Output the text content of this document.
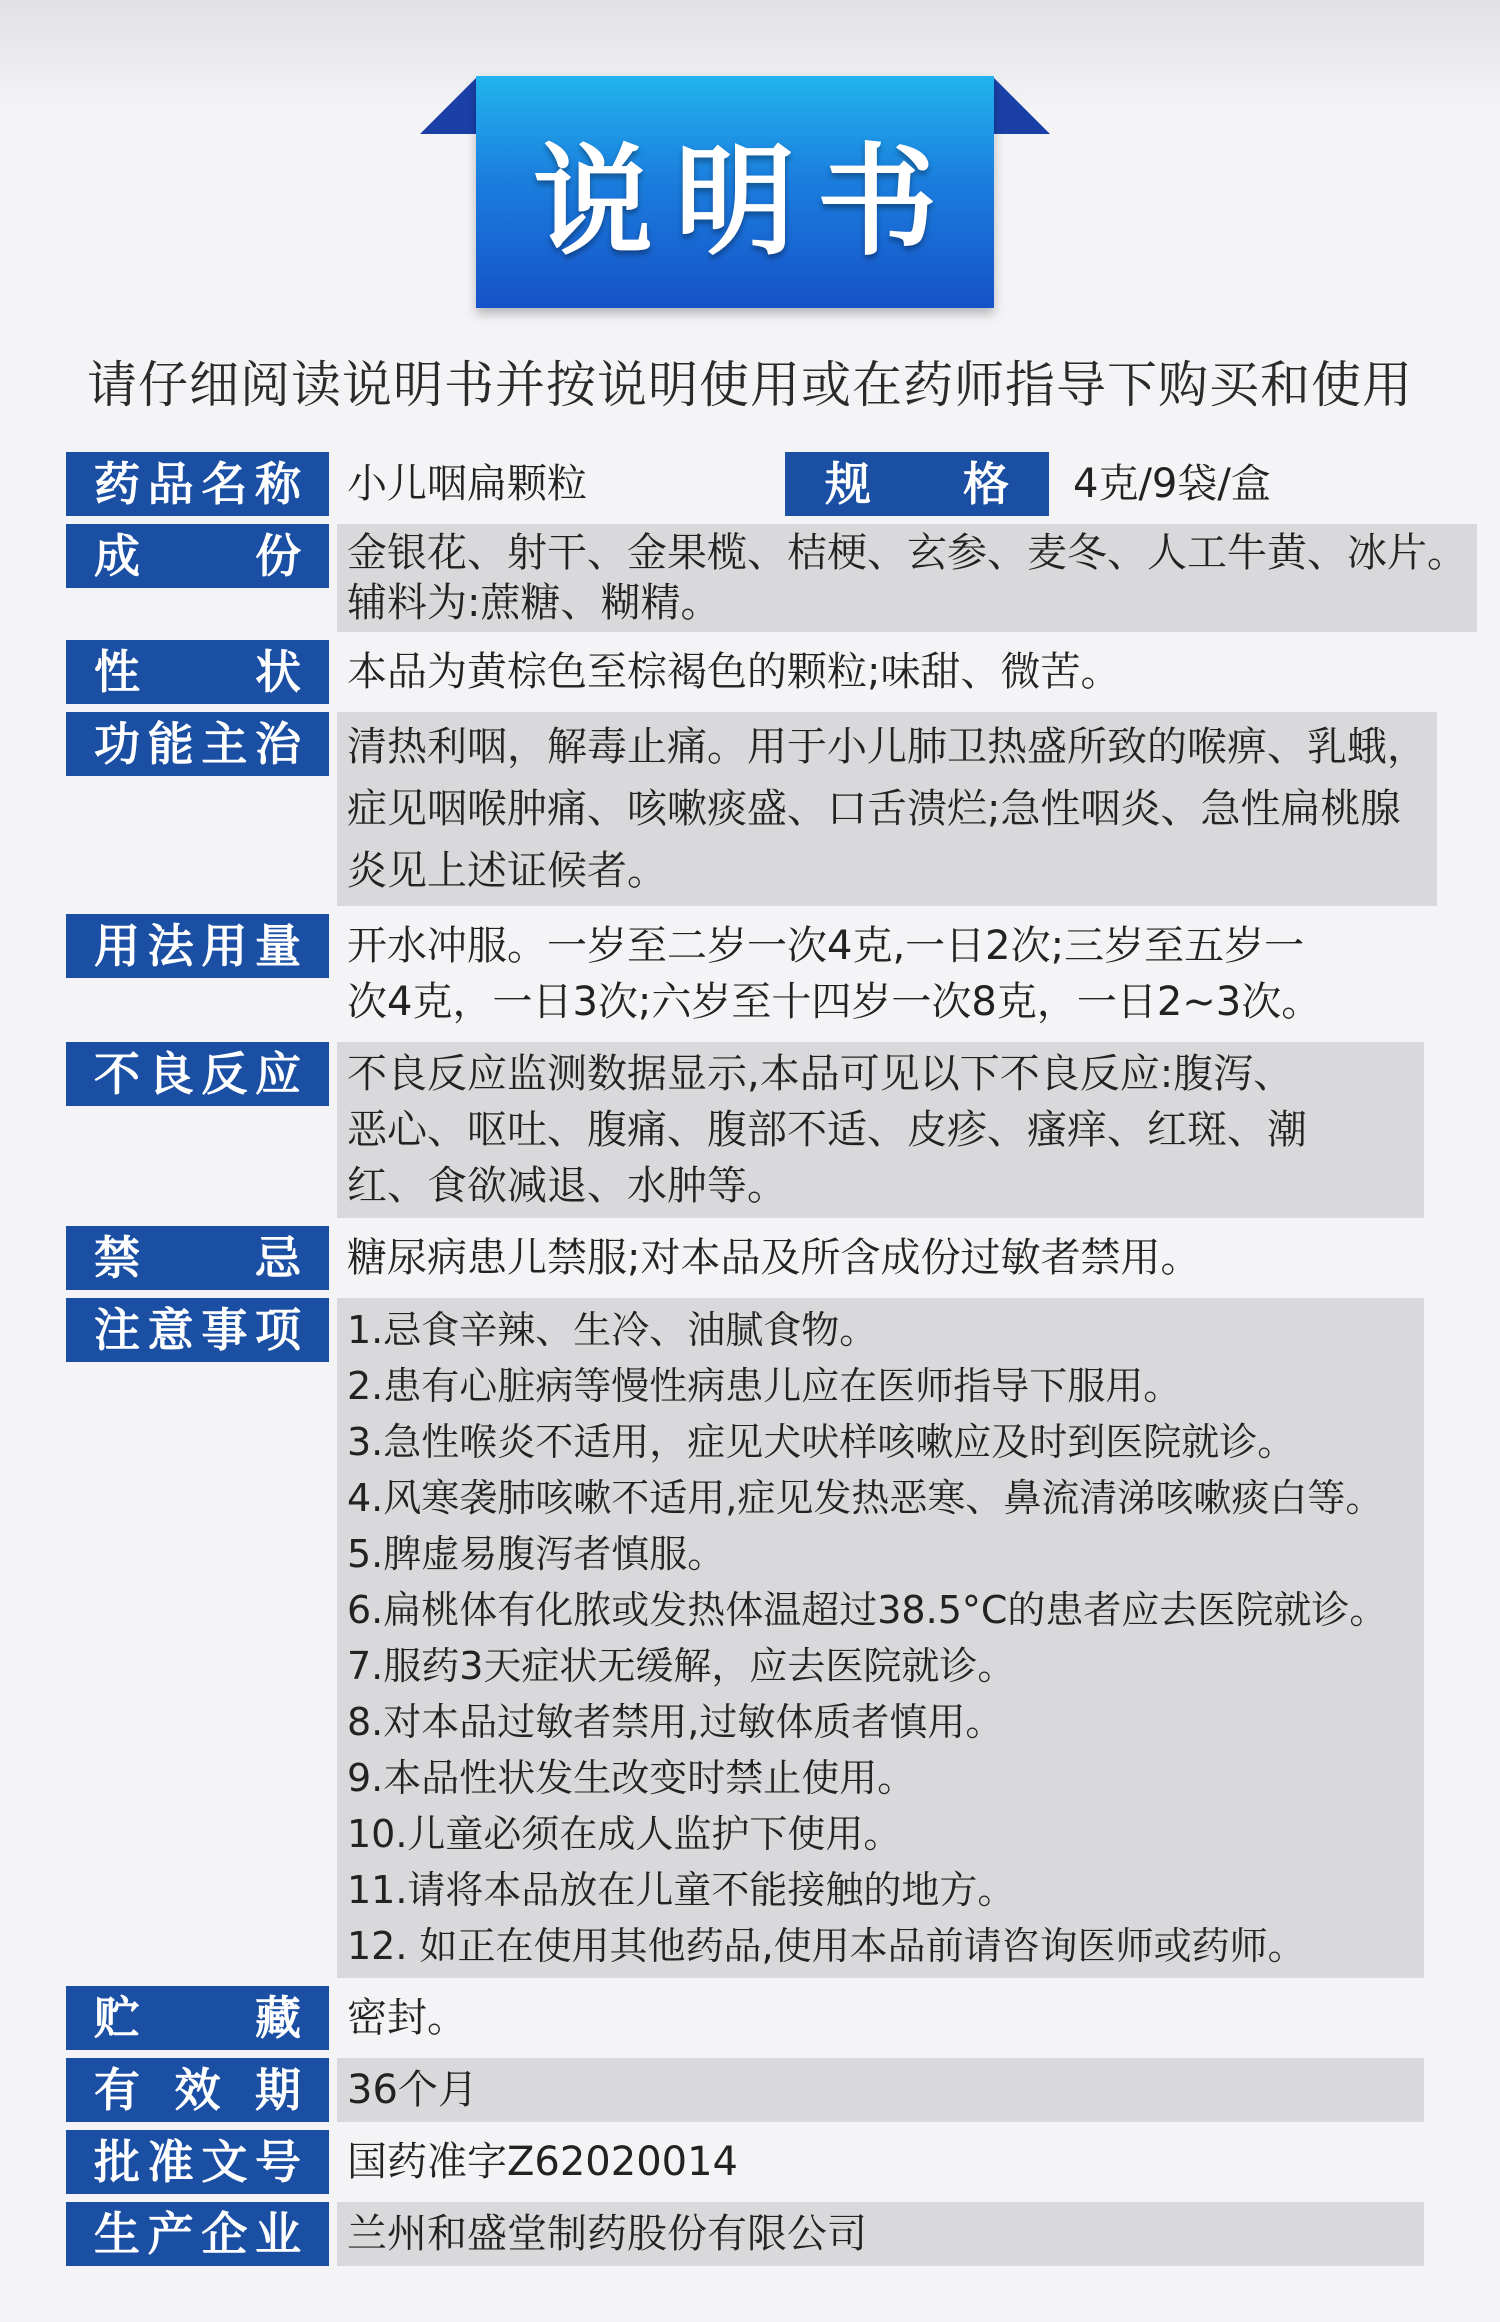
说明书
请仔细阅读说明书并按说明使用或在药师指导下购买和使用
药 品 名 称 小儿咽扁颗粒	规 格	4克/9袋/盒
成	份 金银花、射干、金果榄、桔梗、玄参、麦冬、人工牛黄、冰片。

辅料为:蔗糖、糊精。

性	状 本品为黄棕色至棕褐色的颗粒;味甜、微苦。

功 能 主 治 清热利咽，解毒止痛。用于小儿肺卫热盛所致的喉痹、乳蛾，

症见咽喉肿痛、咳嗽痰盛、口舌溃烂;急性咽炎、急性扁桃腺

炎见上述证候者。

用 法 用 量 开水冲服。一岁至二岁一次4克,一日2次;三岁至五岁一

次4克，一日3次;六岁至十四岁一次8克，一日2~3次。

不 良 反 应 不良反应监测数据显示,本品可见以下不良反应:腹泻、

恶心、呕吐、腹痛、腹部不适、皮疹、瘙痒、红斑、潮

红、食欲减退、水肿等。

禁	忌 糖尿病患儿禁服;对本品及所含成份过敏者禁用。

注 意 事 项 1.忌食辛辣、生冷、油腻食物。

2.患有心脏病等慢性病患儿应在医师指导下服用。

3.急性喉炎不适用，症见犬吠样咳嗽应及时到医院就诊。

4.风寒袭肺咳嗽不适用,症见发热恶寒、鼻流清涕咳嗽痰白等。

5.脾虚易腹泻者慎服。

6.扁桃体有化脓或发热体温超过38.5°C的患者应去医院就诊。

7.服药3天症状无缓解，应去医院就诊。

8.对本品过敏者禁用,过敏体质者慎用。

9.本品性状发生改变时禁止使用。

10.儿童必须在成人监护下使用。

11.请将本品放在儿童不能接触的地方。

12. 如正在使用其他药品,使用本品前请咨询医师或药师。

贮	藏 密封。

有 效 期 36个月

批 准 文 号 国药准字Z62020014

生 产 企 业 兰州和盛堂制药股份有限公司
